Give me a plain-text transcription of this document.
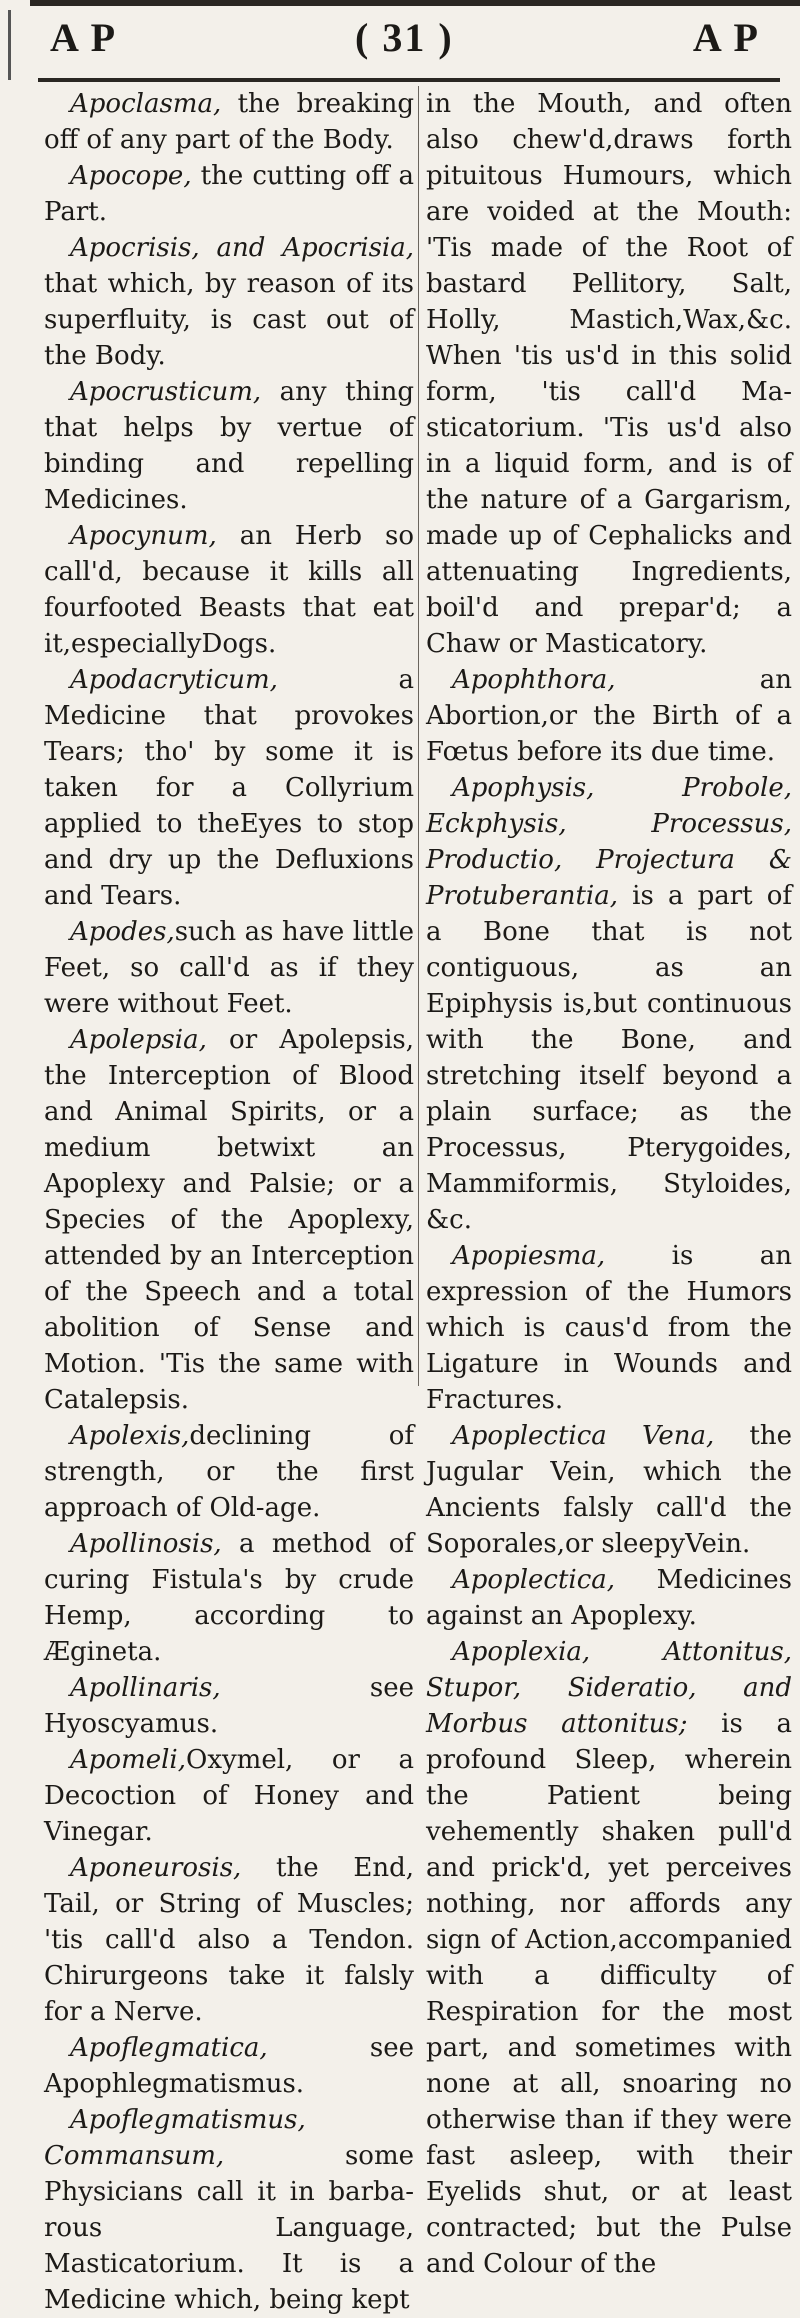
A P	( 31 )	A P

Apoclasma, the breaking off of any part of the Body.

Apocope, the cutting off a Part.

Apocrisis, and Apocrisia, that which, by reason of its superfluity, is cast out of the Body.

Apocrusticum, any thing that helps by vertue of binding and repelling Medicines.

Apocynum, an Herb so call'd, because it kills all fourfooted Beasts that eat it,especiallyDogs.

Apodacryticum, a Medicine that provokes Tears; tho' by some it is taken for a Collyrium applied to theEyes to stop and dry up the Defluxions and Tears.

Apodes,such as have little Feet, so call'd as if they were without Feet.

Apolepsia, or Apolepsis, the Interception of Blood and Animal Spirits, or a medium betwixt an Apoplexy and Palsie; or a Species of the Apoplexy, attended by an Interception of the Speech and a total abolition of Sense and Motion. 'Tis the same with Catalepsis.

Apolexis,declining of strength, or the first approach of Old-age.

Apollinosis, a method of curing Fistula's by crude Hemp, according to Ægineta.

Apollinaris, see Hyoscyamus.

Apomeli,Oxymel, or a Decoction of Honey and Vinegar.

Aponeurosis, the End, Tail, or String of Muscles; 'tis call'd also a Tendon. Chirurgeons take it falsly for a Nerve.

Apoflegmatica, see Apophlegmatismus.

Apoflegmatismus, Commansum, some Physicians call it in barbarous Language, Masticatorium. It is a Medicine which, being kept

in the Mouth, and often also chew'd,draws forth pituitous Humours, which are voided at the Mouth: 'Tis made of the Root of bastard Pellitory, Salt, Holly, Mastich,Wax,&c. When 'tis us'd in this solid form, 'tis call'd Masticatorium. 'Tis us'd also in a liquid form, and is of the nature of a Gargarism, made up of Cephalicks and attenuating Ingredients, boil'd and prepar'd; a Chaw or Masticatory.

Apophthora, an Abortion,or the Birth of a Fœtus before its due time.

Apophysis, Probole, Eckphysis, Processus, Productio, Projectura & Protuberantia, is a part of a Bone that is not contiguous, as an Epiphysis is,but continuous with the Bone, and stretching itself beyond a plain surface; as the Processus, Pterygoides, Mammiformis, Styloides, &c.

Apopiesma, is an expression of the Humors which is caus'd from the Ligature in Wounds and Fractures.

Apoplectica Vena, the Jugular Vein, which the Ancients falsly call'd the Soporales,or sleepyVein.

Apoplectica, Medicines against an Apoplexy.

Apoplexia, Attonitus, Stupor, Sideratio, and Morbus attonitus; is a profound Sleep, wherein the Patient being vehemently shaken pull'd and prick'd, yet perceives nothing, nor affords any sign of Action,accompanied with a difficulty of Respiration for the most part, and sometimes with none at all, snoaring no otherwise than if they were fast asleep, with their Eyelids shut, or at least contracted; but the Pulse and Colour of the
